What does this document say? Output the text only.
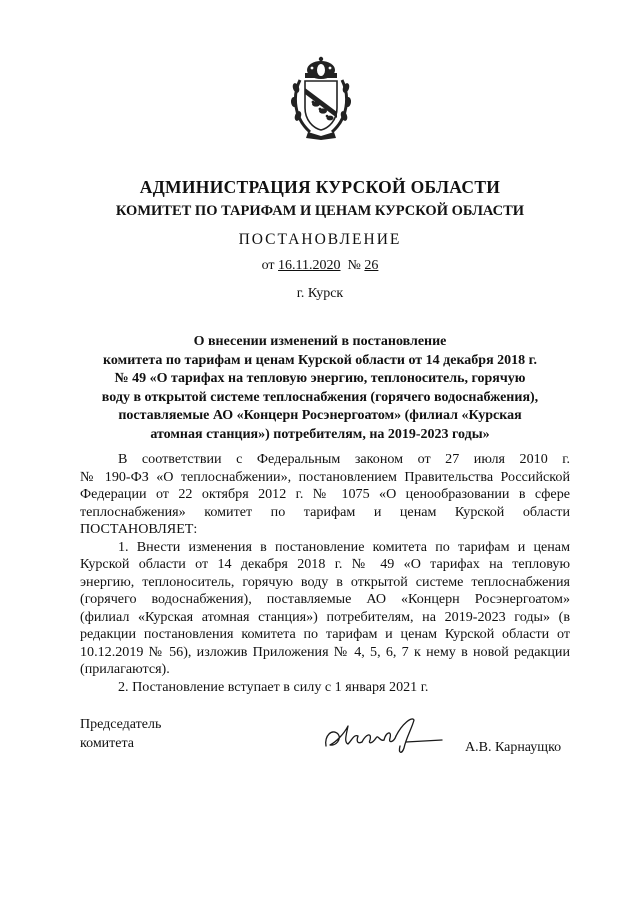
АДМИНИСТРАЦИЯ КУРСКОЙ ОБЛАСТИ
КОМИТЕТ ПО ТАРИФАМ И ЦЕНАМ КУРСКОЙ ОБЛАСТИ
ПОСТАНОВЛЕНИЕ
от 16.11.2020  № 26
г. Курск
О внесении изменений в постановление
комитета по тарифам и ценам Курской области от 14 декабря 2018 г.
№ 49 «О тарифах на тепловую энергию, теплоноситель, горячую
воду в открытой системе теплоснабжения (горячего водоснабжения),
поставляемые АО «Концерн Росэнергоатом» (филиал «Курская
атомная станция») потребителям, на 2019-2023 годы»
В соответствии с Федеральным законом от 27 июля 2010 г.
№ 190-ФЗ «О теплоснабжении», постановлением Правительства Российской
Федерации от 22 октября 2012 г. № 1075 «О ценообразовании в сфере
теплоснабжения» комитет по тарифам и ценам Курской области
ПОСТАНОВЛЯЕТ:
1. Внести изменения в постановление комитета по тарифам и ценам
Курской области от 14 декабря 2018 г. № 49 «О тарифах на тепловую
энергию, теплоноситель, горячую воду в открытой системе теплоснабжения
(горячего водоснабжения), поставляемые АО «Концерн Росэнергоатом»
(филиал «Курская атомная станция») потребителям, на 2019-2023 годы» (в
редакции постановления комитета по тарифам и ценам Курской области от
10.12.2019 № 56), изложив Приложения № 4, 5, 6, 7 к нему в новой редакции
(прилагаются).
2. Постановление вступает в силу с 1 января 2021 г.
Председатель
комитета	А.В. Карнаущко
